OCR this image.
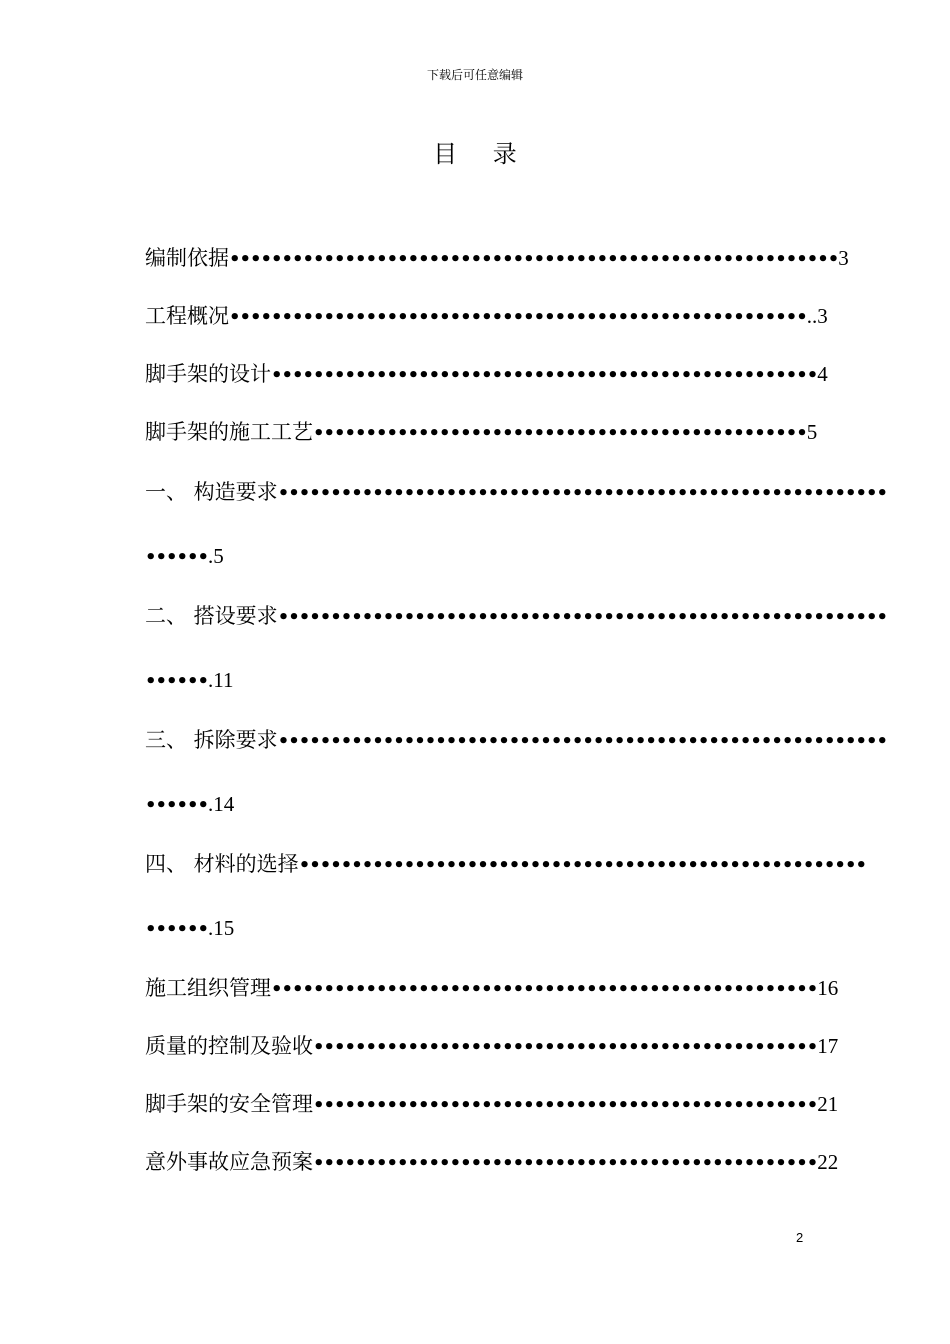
下载后可任意编辑
目 录
编制依据••••••••••••••••••••••••••••••••••••••••••••••••••••••••••3
工程概况•••••••••••••••••••••••••••••••••••••••••••••••••••••••..3
脚手架的设计••••••••••••••••••••••••••••••••••••••••••••••••••••4
脚手架的施工工艺•••••••••••••••••••••••••••••••••••••••••••••••5
一、 构造要求••••••••••••••••••••••••••••••••••••••••••••••••••••••••••
••••••.5
二、 搭设要求••••••••••••••••••••••••••••••••••••••••••••••••••••••••••
••••••.11
三、 拆除要求••••••••••••••••••••••••••••••••••••••••••••••••••••••••••
••••••.14
四、 材料的选择••••••••••••••••••••••••••••••••••••••••••••••••••••••
••••••.15
施工组织管理••••••••••••••••••••••••••••••••••••••••••••••••••••16
质量的控制及验收••••••••••••••••••••••••••••••••••••••••••••••••17
脚手架的安全管理••••••••••••••••••••••••••••••••••••••••••••••••21
意外事故应急预案••••••••••••••••••••••••••••••••••••••••••••••••22
2
